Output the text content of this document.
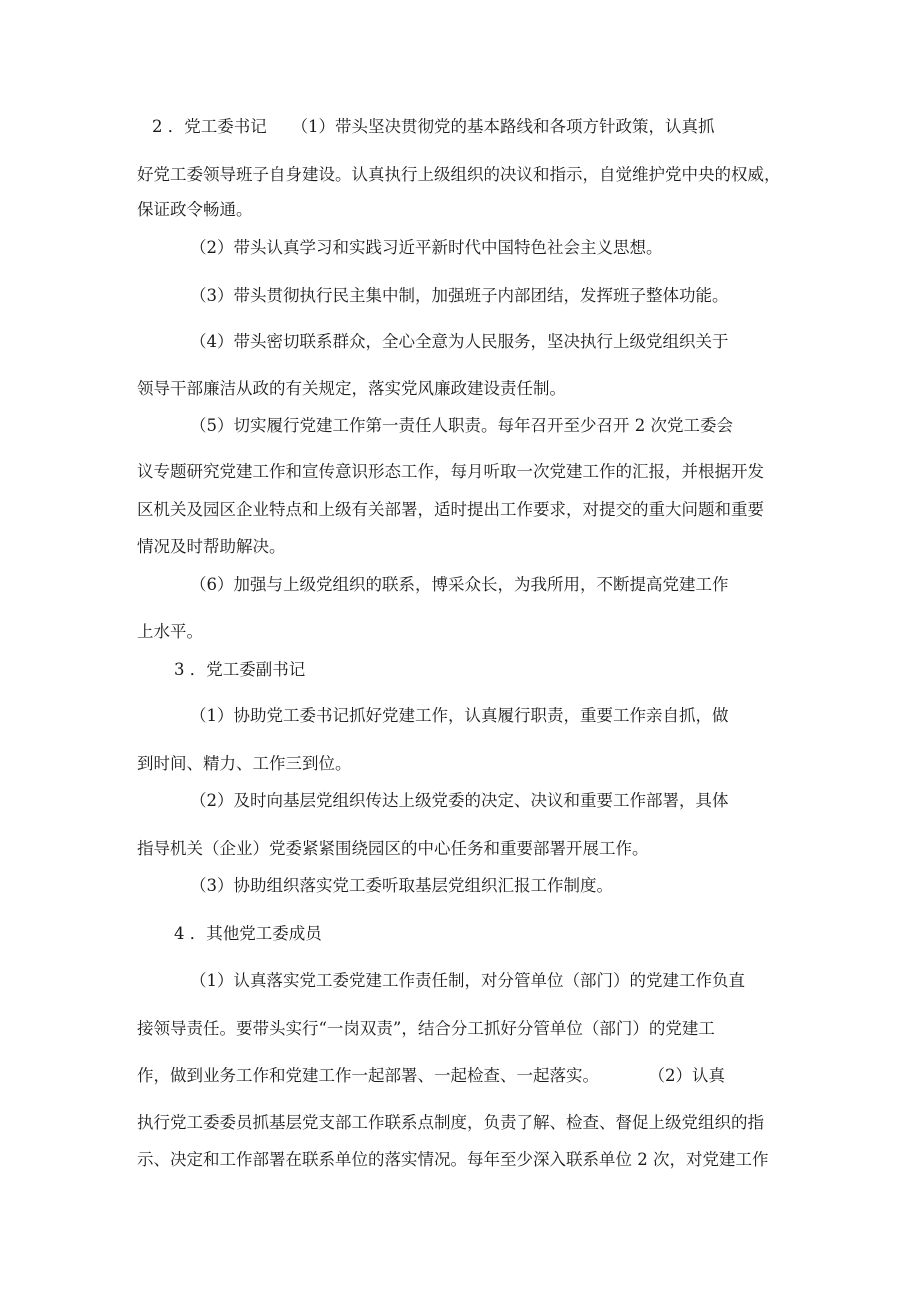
2 ．党工委书记　　（1）带头坚决贯彻党的基本路线和各项方针政策，认真抓
好党工委领导班子自身建设。认真执行上级组织的决议和指示，自觉维护党中央的权威，
保证政令畅通。
（2）带头认真学习和实践习近平新时代中国特色社会主义思想。
（3）带头贯彻执行民主集中制，加强班子内部团结，发挥班子整体功能。
（4）带头密切联系群众，全心全意为人民服务，坚决执行上级党组织关于
领导干部廉洁从政的有关规定，落实党风廉政建设责任制。
（5）切实履行党建工作第一责任人职责。每年召开至少召开 2 次党工委会
议专题研究党建工作和宣传意识形态工作，每月听取一次党建工作的汇报，并根据开发
区机关及园区企业特点和上级有关部署，适时提出工作要求，对提交的重大问题和重要
情况及时帮助解决。
（6）加强与上级党组织的联系，博采众长，为我所用，不断提高党建工作
上水平。
3 ．党工委副书记
（1）协助党工委书记抓好党建工作，认真履行职责，重要工作亲自抓，做
到时间、精力、工作三到位。
（2）及时向基层党组织传达上级党委的决定、决议和重要工作部署，具体
指导机关（企业）党委紧紧围绕园区的中心任务和重要部署开展工作。
（3）协助组织落实党工委听取基层党组织汇报工作制度。
4 ．其他党工委成员
（1）认真落实党工委党建工作责任制，对分管单位（部门）的党建工作负直
接领导责任。要带头实行“一岗双责”，结合分工抓好分管单位（部门）的党建工
作，做到业务工作和党建工作一起部署、一起检查、一起落实。　　　　（2）认真
执行党工委委员抓基层党支部工作联系点制度，负责了解、检查、督促上级党组织的指
示、决定和工作部署在联系单位的落实情况。每年至少深入联系单位 2 次，对党建工作
